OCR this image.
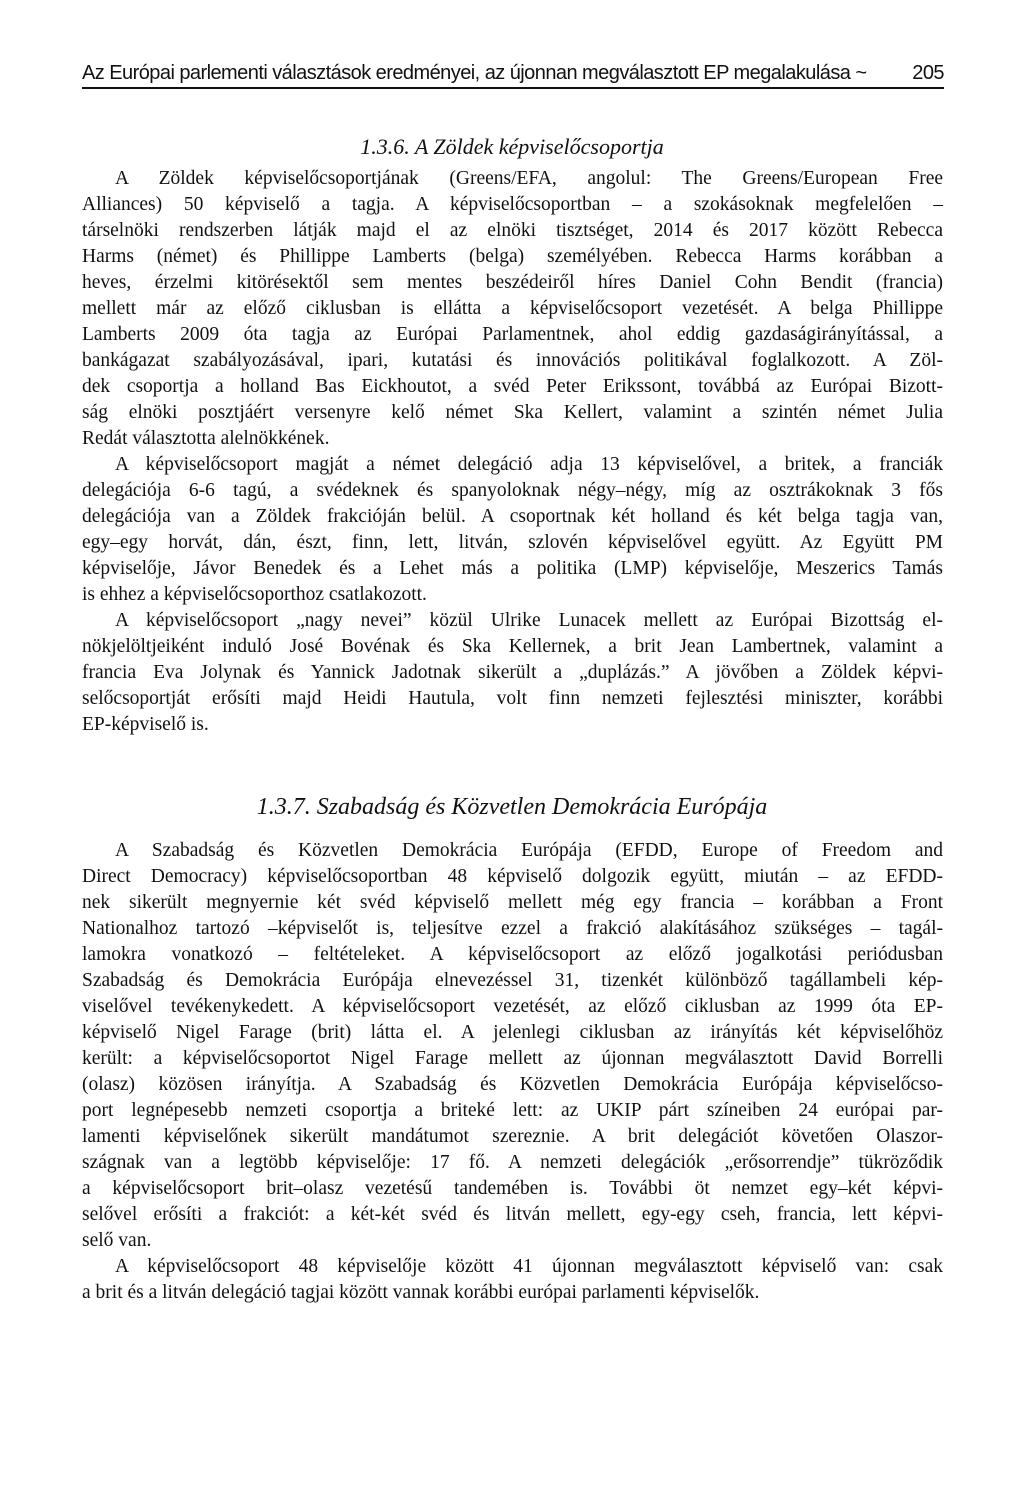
Az Európai parlementi választások eredményei, az újonnan megválasztott EP megalakulása ~ 205
1.3.6. A Zöldek képviselőcsoportja
A Zöldek képviselőcsoportjának (Greens/EFA, angolul: The Greens/European Free
Alliances) 50 képviselő a tagja. A képviselőcsoportban – a szokásoknak megfelelően –
társelnöki rendszerben látják majd el az elnöki tisztséget, 2014 és 2017 között Rebecca
Harms (német) és Phillippe Lamberts (belga) személyében. Rebecca Harms korábban a
heves, érzelmi kitörésektől sem mentes beszédeiről híres Daniel Cohn Bendit (francia)
mellett már az előző ciklusban is ellátta a képviselőcsoport vezetését. A belga Phillippe
Lamberts 2009 óta tagja az Európai Parlamentnek, ahol eddig gazdaságirányítással, a
bankágazat szabályozásával, ipari, kutatási és innovációs politikával foglalkozott. A Zöl-
dek csoportja a holland Bas Eickhoutot, a svéd Peter Erikssont, továbbá az Európai Bizott-
ság elnöki posztjáért versenyre kelő német Ska Kellert, valamint a szintén német Julia
Redát választotta alelnökkének.
A képviselőcsoport magját a német delegáció adja 13 képviselővel, a britek, a franciák
delegációja 6-6 tagú, a svédeknek és spanyoloknak négy–négy, míg az osztrákoknak 3 fős
delegációja van a Zöldek frakcióján belül. A csoportnak két holland és két belga tagja van,
egy–egy horvát, dán, észt, finn, lett, litván, szlovén képviselővel együtt. Az Együtt PM
képviselője, Jávor Benedek és a Lehet más a politika (LMP) képviselője, Meszerics Tamás
is ehhez a képviselőcsoporthoz csatlakozott.
A képviselőcsoport „nagy nevei” közül Ulrike Lunacek mellett az Európai Bizottság el-
nökjelöltjeiként induló José Bovénak és Ska Kellernek, a brit Jean Lambertnek, valamint a
francia Eva Jolynak és Yannick Jadotnak sikerült a „duplázás.” A jövőben a Zöldek képvi-
selőcsoportját erősíti majd Heidi Hautula, volt finn nemzeti fejlesztési miniszter, korábbi
EP-képviselő is.
1.3.7. Szabadság és Közvetlen Demokrácia Európája
A Szabadság és Közvetlen Demokrácia Európája (EFDD, Europe of Freedom and
Direct Democracy) képviselőcsoportban 48 képviselő dolgozik együtt, miután – az EFDD-
nek sikerült megnyernie két svéd képviselő mellett még egy francia – korábban a Front
Nationalhoz tartozó –képviselőt is, teljesítve ezzel a frakció alakításához szükséges – tagál-
lamokra vonatkozó – feltételeket. A képviselőcsoport az előző jogalkotási periódusban
Szabadság és Demokrácia Európája elnevezéssel 31, tizenkét különböző tagállambeli kép-
viselővel tevékenykedett. A képviselőcsoport vezetését, az előző ciklusban az 1999 óta EP-
képviselő Nigel Farage (brit) látta el. A jelenlegi ciklusban az irányítás két képviselőhöz
került: a képviselőcsoportot Nigel Farage mellett az újonnan megválasztott David Borrelli
(olasz) közösen irányítja. A Szabadság és Közvetlen Demokrácia Európája képviselőcso-
port legnépesebb nemzeti csoportja a briteké lett: az UKIP párt színeiben 24 európai par-
lamenti képviselőnek sikerült mandátumot szereznie. A brit delegációt követően Olaszor-
szágnak van a legtöbb képviselője: 17 fő. A nemzeti delegációk „erősorrendje” tükröződik
a képviselőcsoport brit–olasz vezetésű tandemében is. További öt nemzet egy–két képvi-
selővel erősíti a frakciót: a két-két svéd és litván mellett, egy-egy cseh, francia, lett képvi-
selő van.
A képviselőcsoport 48 képviselője között 41 újonnan megválasztott képviselő van: csak
a brit és a litván delegáció tagjai között vannak korábbi európai parlamenti képviselők.
